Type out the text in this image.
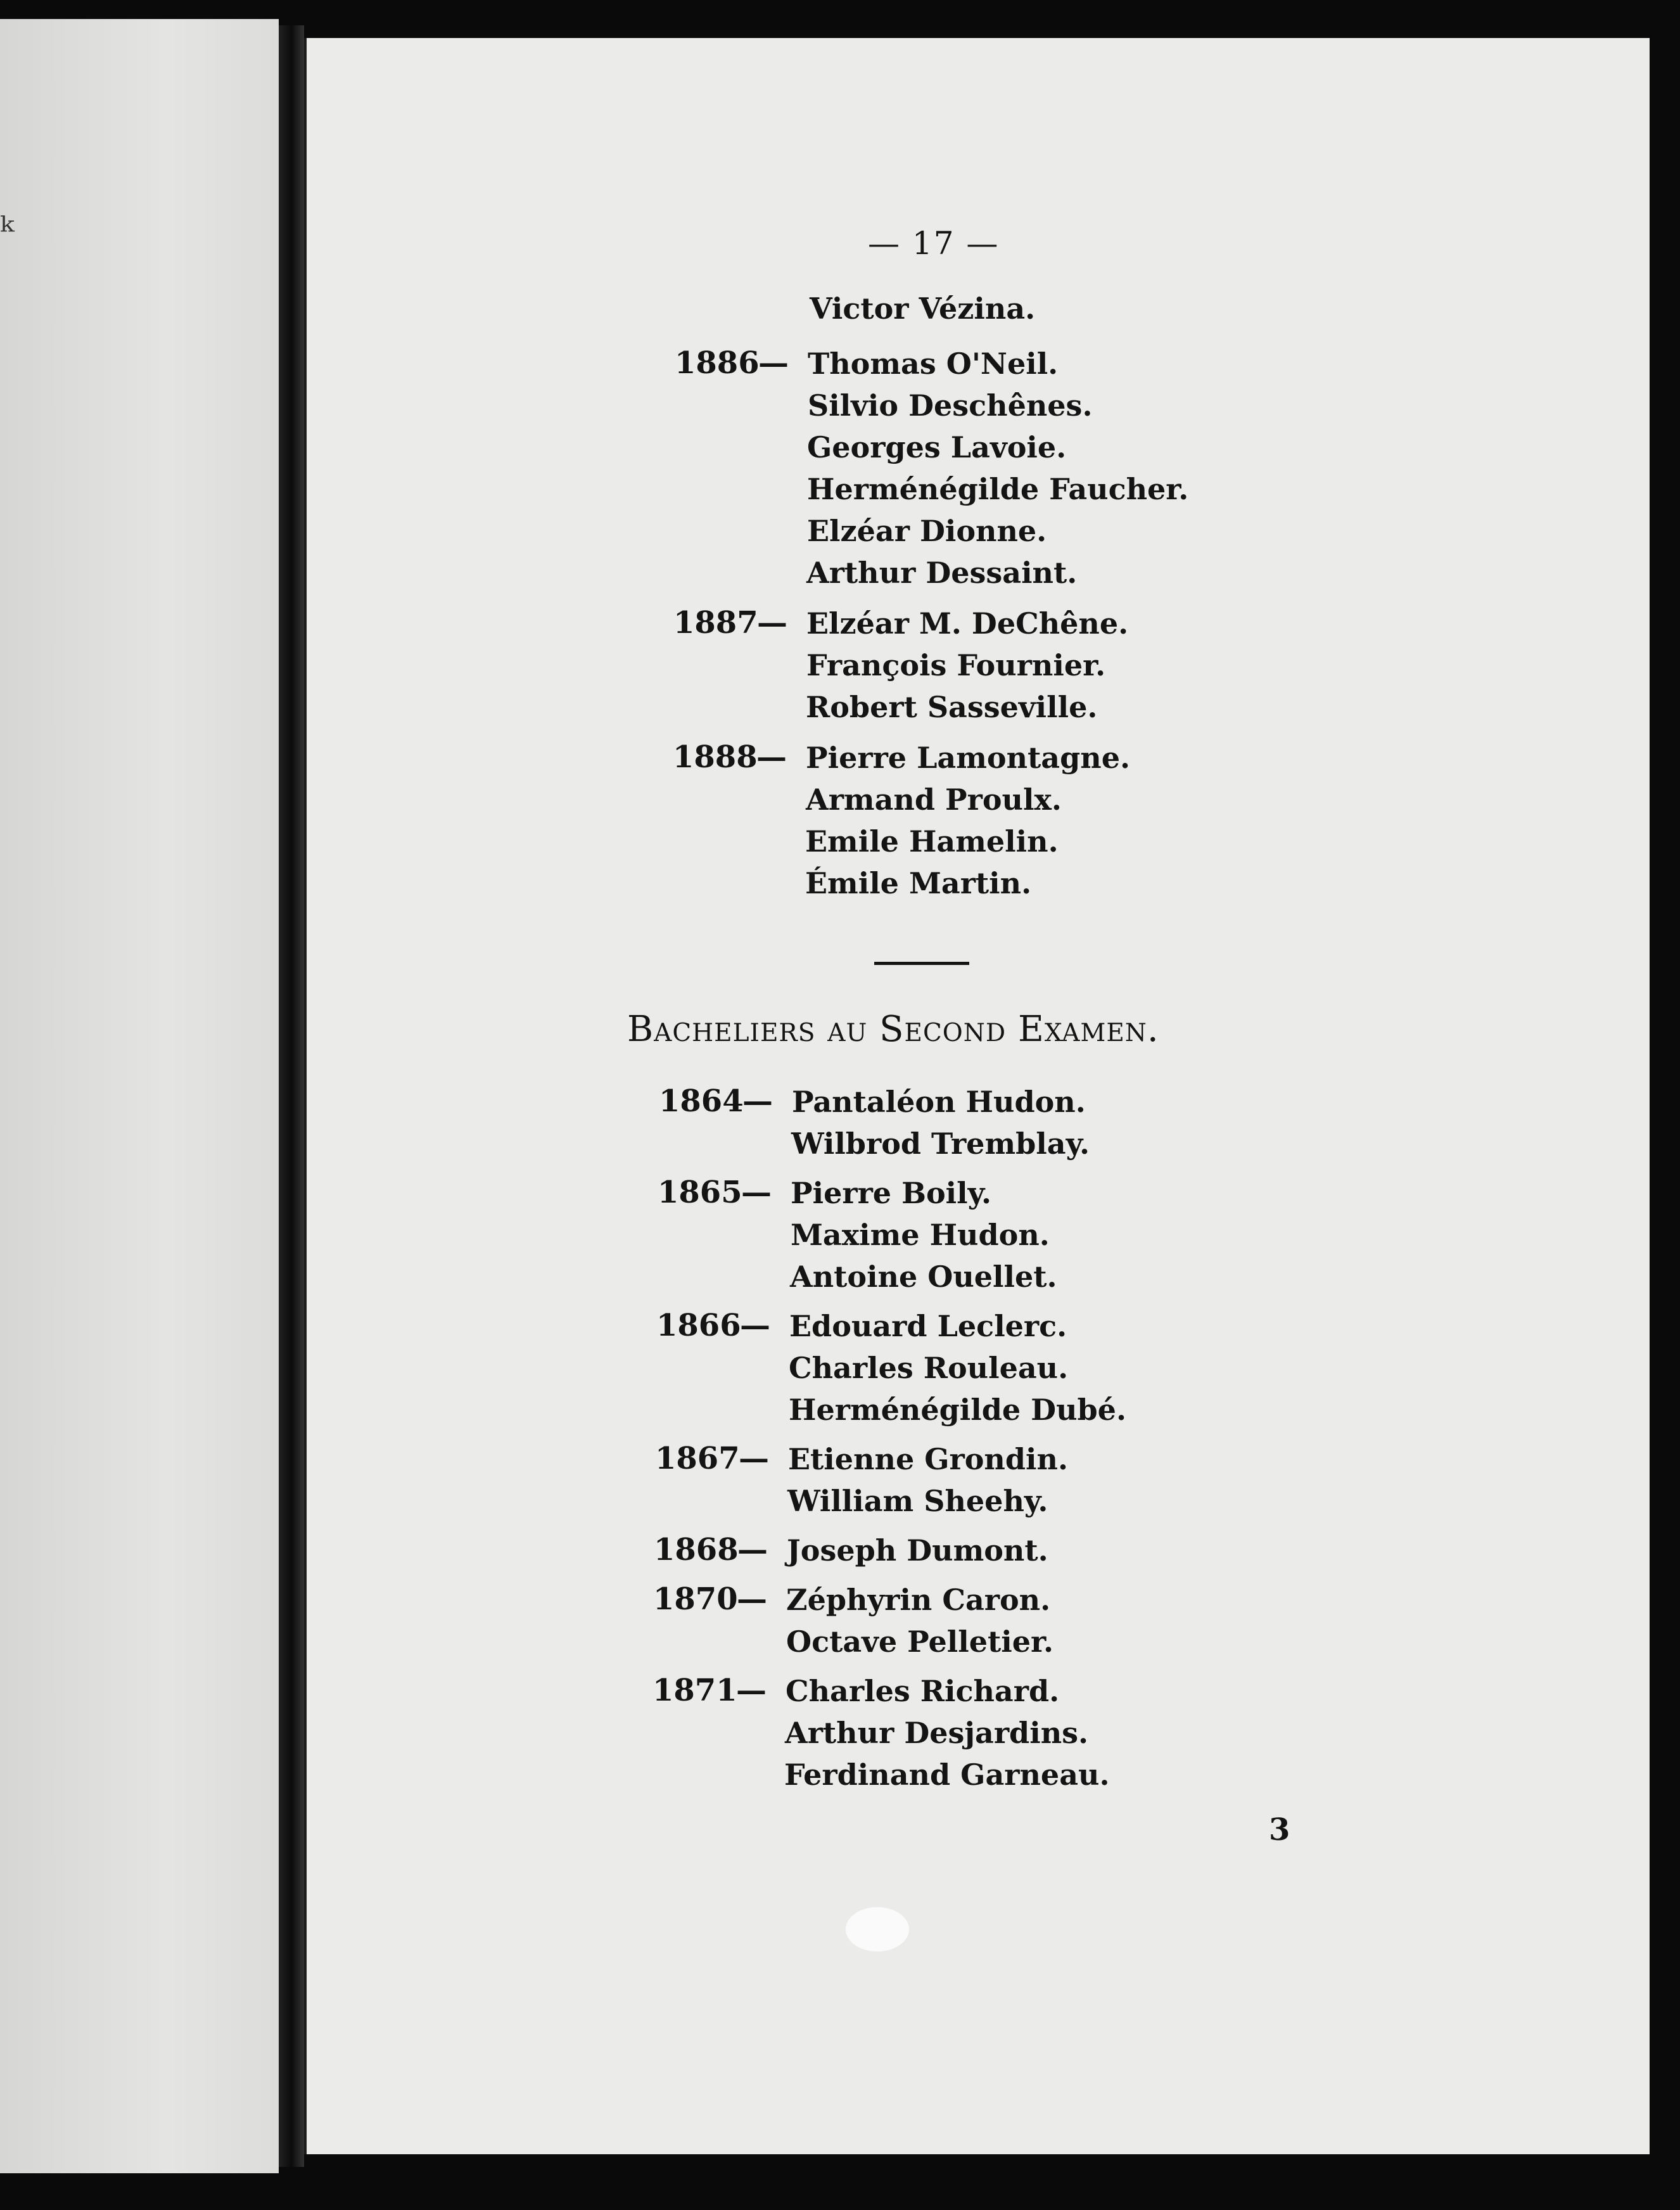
ᵏ	— 17 —
Victor Vézina.
1886
— Thomas O'Neil.
Silvio Deschênes.
Georges Lavoie.
Herménégilde Faucher.
Elzéar Dionne.
Arthur Dessaint.
1887
— Elzéar M. DeChêne.
François Fournier.
Robert Sasseville.
1888
— Pierre Lamontagne.
Armand Proulx.
Emile Hamelin.
Émile Martin.
Bacheliers au Second Examen.
1864
— Pantaléon Hudon.
Wilbrod Tremblay.
1865
— Pierre Boily.
Maxime Hudon.
Antoine Ouellet.
1866
— Edouard Leclerc.
Charles Rouleau.
Herménégilde Dubé.
1867
— Etienne Grondin.
William Sheehy.
1868
— Joseph Dumont.
1870
— Zéphyrin Caron.
Octave Pelletier.
1871
— Charles Richard.
Arthur Desjardins.
Ferdinand Garneau.
3
